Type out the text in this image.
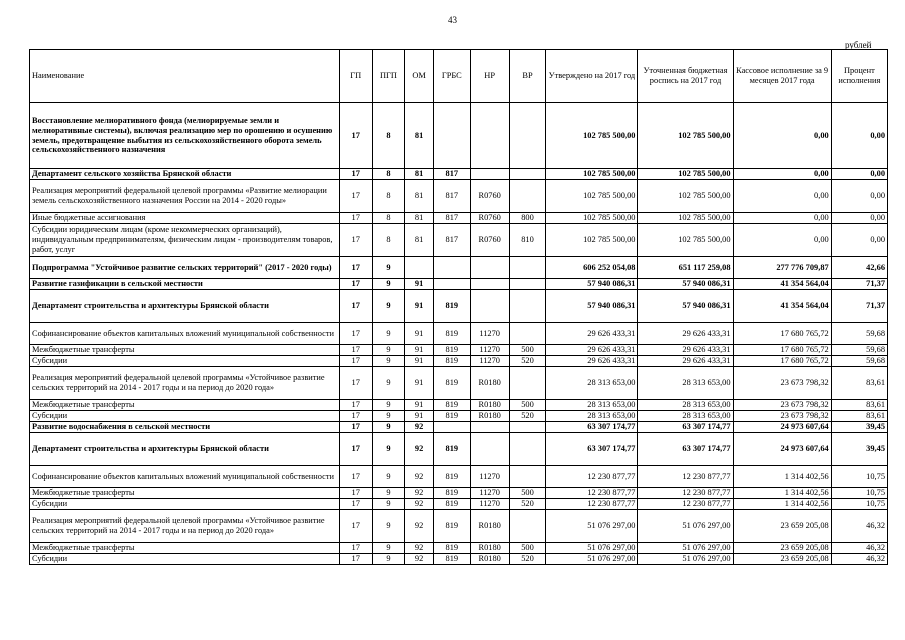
43
рублей
Наименование	ГП	ПГП	ОМ	ГРБС	НР	ВР	Утверждено на 2017 год	Уточненная бюджетная роспись на 2017 год	Кассовое исполнение за 9 месяцев 2017 года	Процент исполнения
Восстановление мелиоративного фонда (мелиорируемые земли и мелиоративные системы), включая реализацию мер по орошению и осушению земель, предотвращение выбытия из сельскохозяйственного оборота земель сельскохозяйственного назначения	17	8	81				102 785 500,00	102 785 500,00	0,00	0,00
Департамент сельского хозяйства Брянской области	17	8	81	817			102 785 500,00	102 785 500,00	0,00	0,00
Реализация мероприятий федеральной целевой программы «Развитие мелиорации земель сельскохозяйственного назначения России на 2014 - 2020 годы»	17	8	81	817	R0760		102 785 500,00	102 785 500,00	0,00	0,00
Иные бюджетные ассигнования	17	8	81	817	R0760	800	102 785 500,00	102 785 500,00	0,00	0,00
Субсидии юридическим лицам (кроме некоммерческих организаций), индивидуальным предпринимателям, физическим лицам - производителям товаров, работ, услуг	17	8	81	817	R0760	810	102 785 500,00	102 785 500,00	0,00	0,00
Подпрограмма "Устойчивое развитие сельских территорий" (2017 - 2020 годы)	17	9					606 252 054,08	651 117 259,08	277 776 709,87	42,66
Развитие газификации в сельской местности	17	9	91				57 940 086,31	57 940 086,31	41 354 564,04	71,37
Департамент строительства и архитектуры Брянской области	17	9	91	819			57 940 086,31	57 940 086,31	41 354 564,04	71,37
Софинансирование объектов капитальных вложений муниципальной собственности	17	9	91	819	11270		29 626 433,31	29 626 433,31	17 680 765,72	59,68
Межбюджетные трансферты	17	9	91	819	11270	500	29 626 433,31	29 626 433,31	17 680 765,72	59,68
Субсидии	17	9	91	819	11270	520	29 626 433,31	29 626 433,31	17 680 765,72	59,68
Реализация мероприятий федеральной целевой программы «Устойчивое развитие сельских территорий на 2014 - 2017 годы и на период до 2020 года»	17	9	91	819	R0180		28 313 653,00	28 313 653,00	23 673 798,32	83,61
Межбюджетные трансферты	17	9	91	819	R0180	500	28 313 653,00	28 313 653,00	23 673 798,32	83,61
Субсидии	17	9	91	819	R0180	520	28 313 653,00	28 313 653,00	23 673 798,32	83,61
Развитие водоснабжения в сельской местности	17	9	92				63 307 174,77	63 307 174,77	24 973 607,64	39,45
Департамент строительства и архитектуры Брянской области	17	9	92	819			63 307 174,77	63 307 174,77	24 973 607,64	39,45
Софинансирование объектов капитальных вложений муниципальной собственности	17	9	92	819	11270		12 230 877,77	12 230 877,77	1 314 402,56	10,75
Межбюджетные трансферты	17	9	92	819	11270	500	12 230 877,77	12 230 877,77	1 314 402,56	10,75
Субсидии	17	9	92	819	11270	520	12 230 877,77	12 230 877,77	1 314 402,56	10,75
Реализация мероприятий федеральной целевой программы «Устойчивое развитие сельских территорий на 2014 - 2017 годы и на период до 2020 года»	17	9	92	819	R0180		51 076 297,00	51 076 297,00	23 659 205,08	46,32
Межбюджетные трансферты	17	9	92	819	R0180	500	51 076 297,00	51 076 297,00	23 659 205,08	46,32
Субсидии	17	9	92	819	R0180	520	51 076 297,00	51 076 297,00	23 659 205,08	46,32
